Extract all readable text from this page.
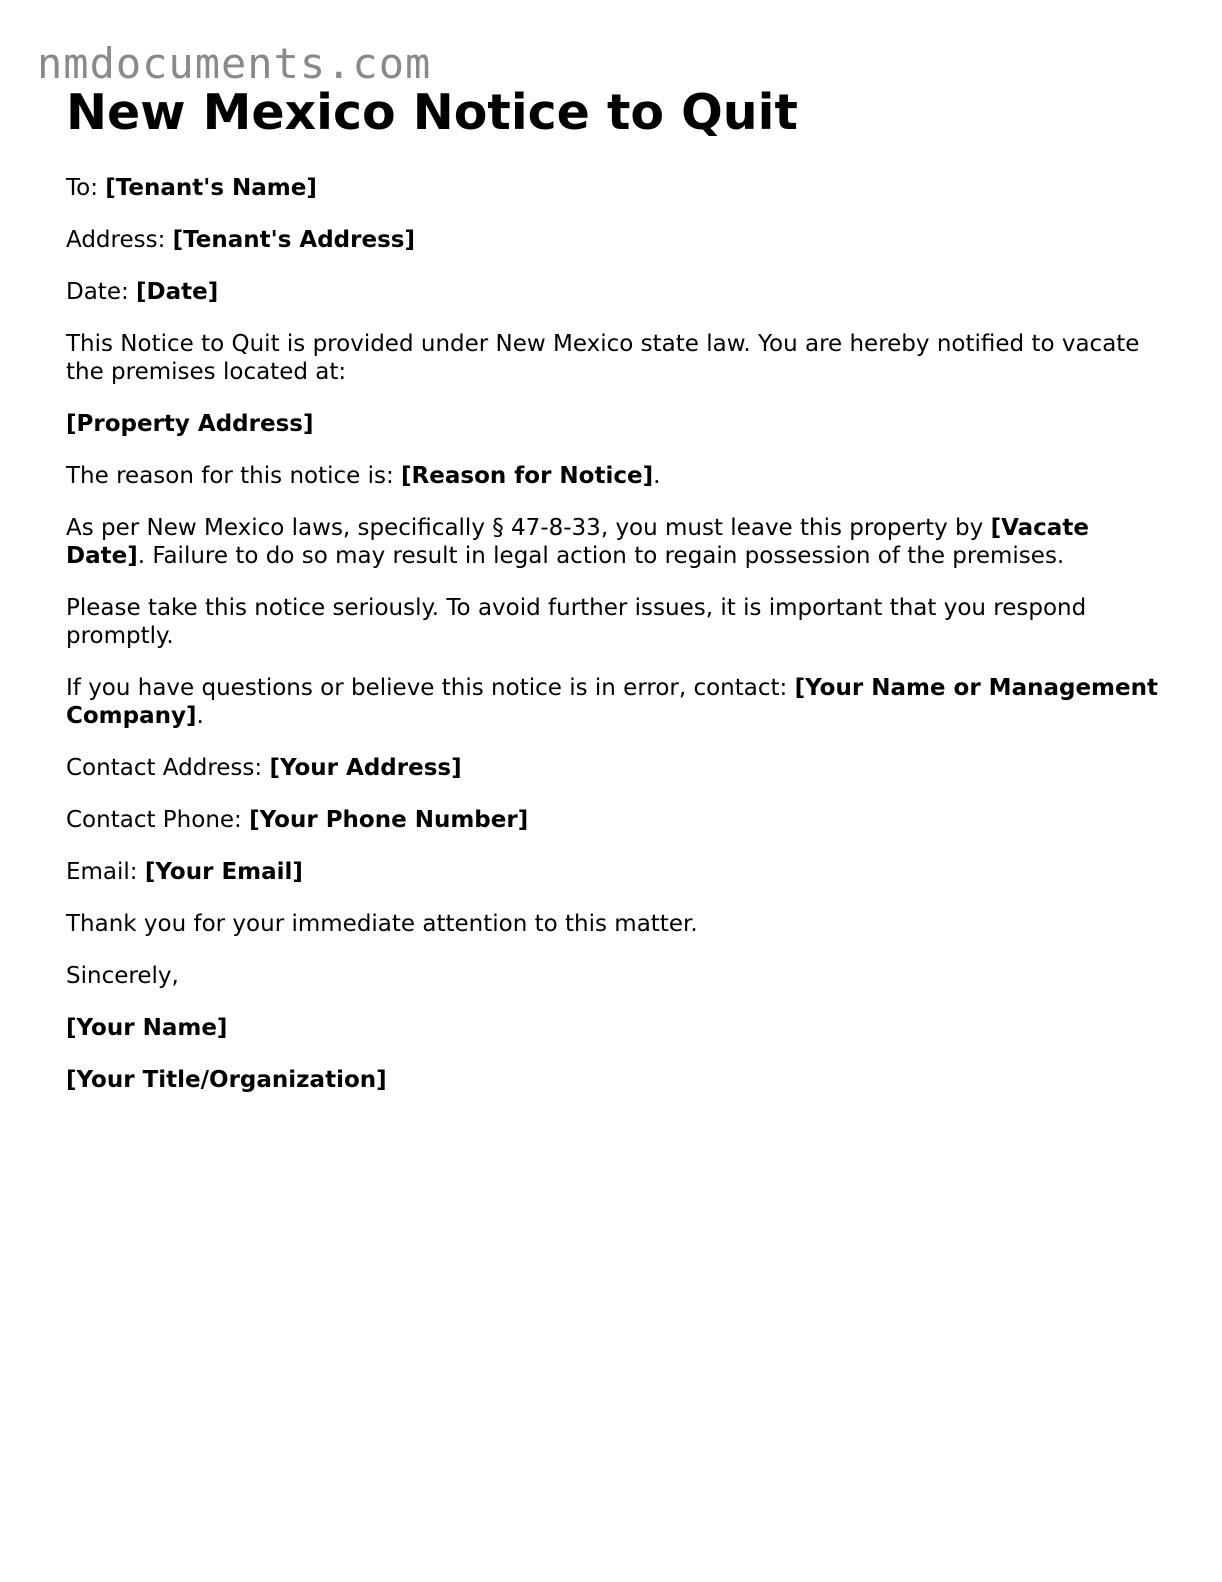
nmdocuments.com
New Mexico Notice to Quit

To: [Tenant's Name]

Address: [Tenant's Address]

Date: [Date]

This Notice to Quit is provided under New Mexico state law. You are hereby notified to vacate the premises located at:

[Property Address]

The reason for this notice is: [Reason for Notice].

As per New Mexico laws, specifically § 47-8-33, you must leave this property by [Vacate Date]. Failure to do so may result in legal action to regain possession of the premises.

Please take this notice seriously. To avoid further issues, it is important that you respond promptly.

If you have questions or believe this notice is in error, contact: [Your Name or Management Company].

Contact Address: [Your Address]

Contact Phone: [Your Phone Number]

Email: [Your Email]

Thank you for your immediate attention to this matter.

Sincerely,

[Your Name]

[Your Title/Organization]
